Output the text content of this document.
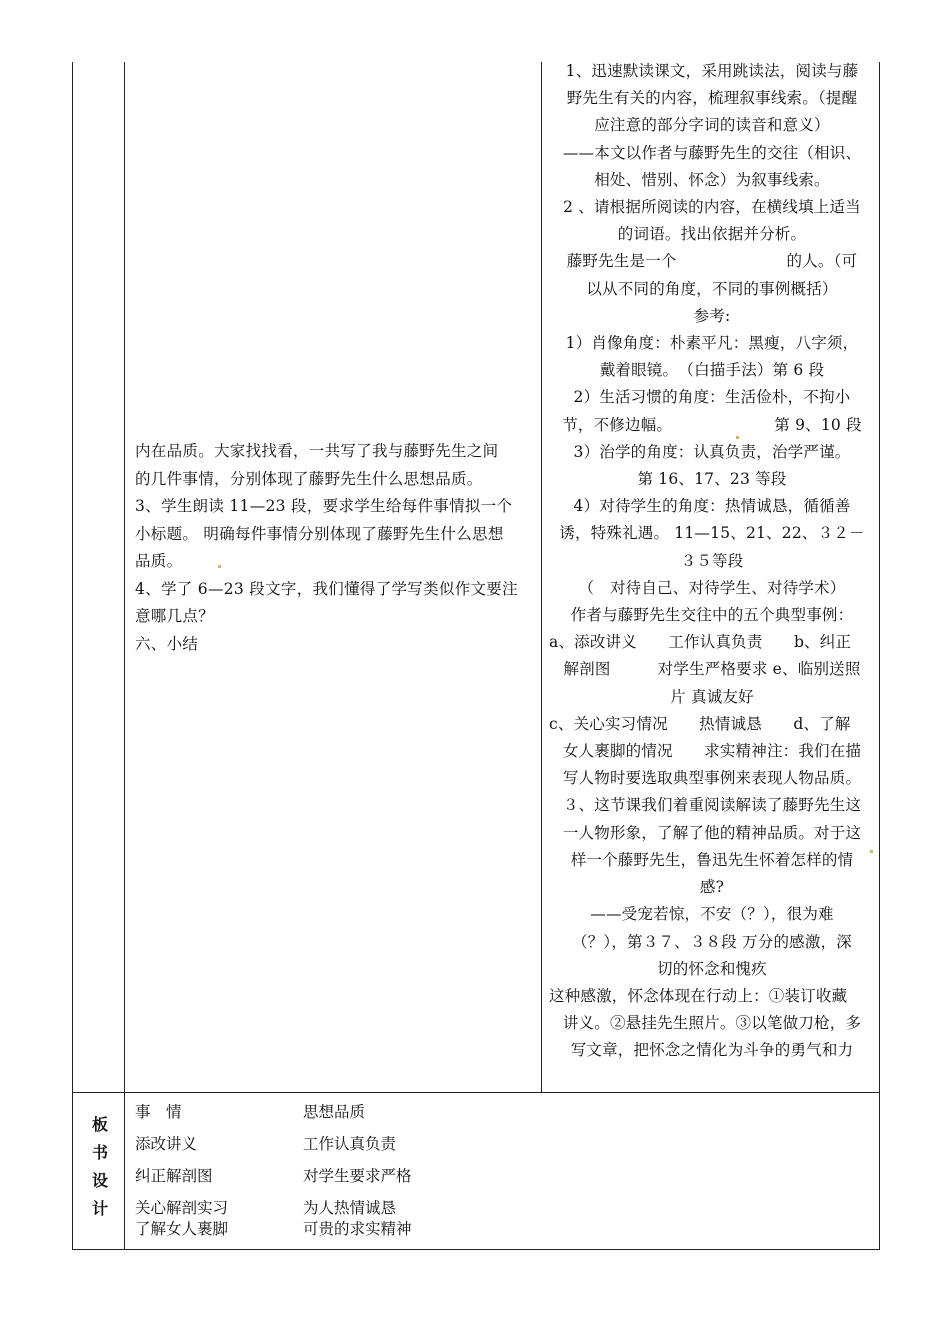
内在品质。大家找找看，一共写了我与藤野先生之间

的几件事情，分别体现了藤野先生什么思想品质。

3、学生朗读 11—23 段，要求学生给每件事情拟一个

小标题。 明确每件事情分别体现了藤野先生什么思想

品质。

4、学了 6—23 段文字，我们懂得了学写类似作文要注

意哪几点？

六、小结

1、迅速默读课文，采用跳读法，阅读与藤

野先生有关的内容，梳理叙事线索。（提醒

应注意的部分字词的读音和意义）

——本文以作者与藤野先生的交往（相识、

相处、惜别、怀念）为叙事线索。

2 、请根据所阅读的内容，在横线填上适当

的词语。找出依据并分析。

藤野先生是一个　　　　　　　的人。（可

以从不同的角度，不同的事例概括）

参考:

1）肖像角度：朴素平凡：黑瘦，八字须，

戴着眼镜。　（白描手法）第 6 段

2）生活习惯的角度：生活俭朴，不拘小

节，不修边幅。　　　　　　　第 9、10 段

3）治学的角度：认真负责，治学严谨。

第 16、17、23 等段

4）对待学生的角度：热情诚恳，循循善

诱，特殊礼遇。 11—15、21、22、３２－

３５等段

（　对待自己、对待学生、对待学术）

作者与藤野先生交往中的五个典型事例：

a、添改讲义　　工作认真负责　　b、纠正

解剖图　　　对学生严格要求 e、临别送照

片 真诚友好

c、关心实习情况　　热情诚恳　　d、了解

女人裹脚的情况　　求实精神注：我们在描

写人物时要选取典型事例来表现人物品质。

３、这节课我们着重阅读解读了藤野先生这

一人物形象，了解了他的精神品质。对于这

样一个藤野先生，鲁迅先生怀着怎样的情

感?

——受宠若惊，不安（？），很为难

（？），第３７、３８段 万分的感激，深

切的怀念和愧疚

这种感激，怀念体现在行动上：①装订收藏

讲义。②悬挂先生照片。③以笔做刀枪，多

写文章，把怀念之情化为斗争的勇气和力

板
书
设
计
事　情	思想品质
添改讲义	工作认真负责
纠正解剖图	对学生要求严格
关心解剖实习	为人热情诚恳
了解女人裹脚	可贵的求实精神
